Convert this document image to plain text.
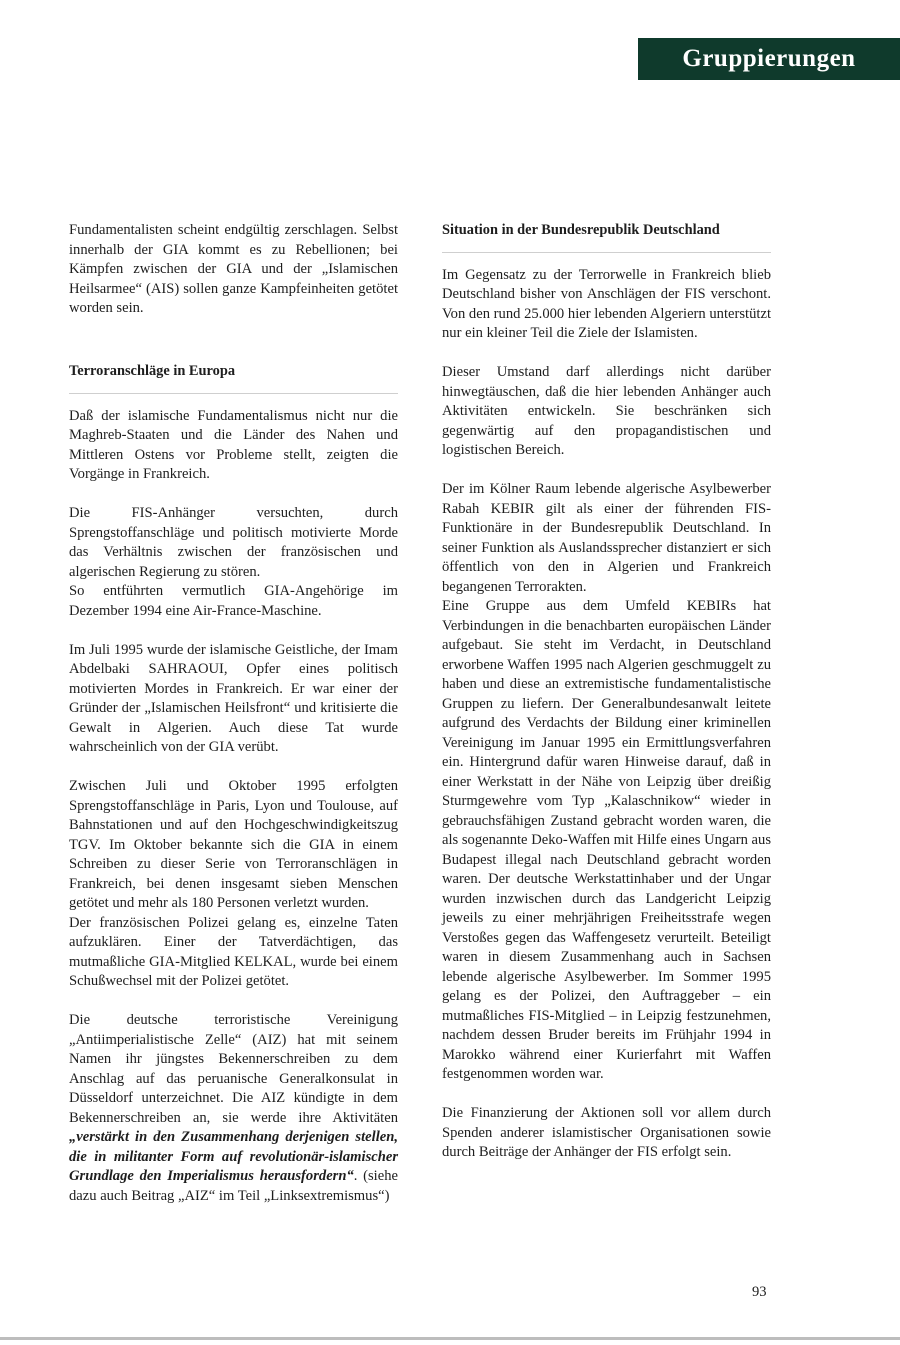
Gruppierungen

Fundamentalisten scheint endgültig zerschlagen. Selbst innerhalb der GIA kommt es zu Rebellionen; bei Kämpfen zwischen der GIA und der „Islamischen Heilsarmee“ (AIS) sollen ganze Kampfeinheiten getötet worden sein.

Terroranschläge in Europa

Daß der islamische Fundamentalismus nicht nur die Maghreb-Staaten und die Länder des Nahen und Mittleren Ostens vor Probleme stellt, zeigten die Vorgänge in Frankreich.

Die FIS-Anhänger versuchten, durch Sprengstoffanschläge und politisch motivierte Morde das Verhältnis zwischen der französischen und algerischen Regierung zu stören.

So entführten vermutlich GIA-Angehörige im Dezember 1994 eine Air-France-Maschine.

Im Juli 1995 wurde der islamische Geistliche, der Imam Abdelbaki SAHRAOUI, Opfer eines politisch motivierten Mordes in Frankreich. Er war einer der Gründer der „Islamischen Heilsfront“ und kritisierte die Gewalt in Algerien. Auch diese Tat wurde wahrscheinlich von der GIA verübt.

Zwischen Juli und Oktober 1995 erfolgten Sprengstoffanschläge in Paris, Lyon und Toulouse, auf Bahnstationen und auf den Hochgeschwindigkeitszug TGV. Im Oktober bekannte sich die GIA in einem Schreiben zu dieser Serie von Terroranschlägen in Frankreich, bei denen insgesamt sieben Menschen getötet und mehr als 180 Personen verletzt wurden.

Der französischen Polizei gelang es, einzelne Taten aufzuklären. Einer der Tatverdächtigen, das mutmaßliche GIA-Mitglied KELKAL, wurde bei einem Schußwechsel mit der Polizei getötet.

Die deutsche terroristische Vereinigung „Antiimperialistische Zelle“ (AIZ) hat mit seinem Namen ihr jüngstes Bekennerschreiben zu dem Anschlag auf das peruanische Generalkonsulat in Düsseldorf unterzeichnet. Die AIZ kündigte in dem Bekennerschreiben an, sie werde ihre Aktivitäten „verstärkt in den Zusammenhang derjenigen stellen, die in militanter Form auf revolutionär-islamischer Grundlage den Imperialismus herausfordern“. (siehe dazu auch Beitrag „AIZ“ im Teil „Linksextremismus“)

Situation in der Bundesrepublik Deutschland

Im Gegensatz zu der Terrorwelle in Frankreich blieb Deutschland bisher von Anschlägen der FIS verschont. Von den rund 25.000 hier lebenden Algeriern unterstützt nur ein kleiner Teil die Ziele der Islamisten.

Dieser Umstand darf allerdings nicht darüber hinwegtäuschen, daß die hier lebenden Anhänger auch Aktivitäten entwickeln. Sie beschränken sich gegenwärtig auf den propagandistischen und logistischen Bereich.

Der im Kölner Raum lebende algerische Asylbewerber Rabah KEBIR gilt als einer der führenden FIS-Funktionäre in der Bundesrepublik Deutschland. In seiner Funktion als Auslandssprecher distanziert er sich öffentlich von den in Algerien und Frankreich begangenen Terrorakten.

Eine Gruppe aus dem Umfeld KEBIRs hat Verbindungen in die benachbarten europäischen Länder aufgebaut. Sie steht im Verdacht, in Deutschland erworbene Waffen 1995 nach Algerien geschmuggelt zu haben und diese an extremistische fundamentalistische Gruppen zu liefern. Der Generalbundesanwalt leitete aufgrund des Verdachts der Bildung einer kriminellen Vereinigung im Januar 1995 ein Ermittlungsverfahren ein. Hintergrund dafür waren Hinweise darauf, daß in einer Werkstatt in der Nähe von Leipzig über dreißig Sturmgewehre vom Typ „Kalaschnikow“ wieder in gebrauchsfähigen Zustand gebracht worden waren, die als sogenannte Deko-Waffen mit Hilfe eines Ungarn aus Budapest illegal nach Deutschland gebracht worden waren. Der deutsche Werkstattinhaber und der Ungar wurden inzwischen durch das Landgericht Leipzig jeweils zu einer mehrjährigen Freiheitsstrafe wegen Verstoßes gegen das Waffengesetz verurteilt. Beteiligt waren in diesem Zusammenhang auch in Sachsen lebende algerische Asylbewerber. Im Sommer 1995 gelang es der Polizei, den Auftraggeber – ein mutmaßliches FIS-Mitglied – in Leipzig festzunehmen, nachdem dessen Bruder bereits im Frühjahr 1994 in Marokko während einer Kurierfahrt mit Waffen festgenommen worden war.

Die Finanzierung der Aktionen soll vor allem durch Spenden anderer islamistischer Organisationen sowie durch Beiträge der Anhänger der FIS erfolgt sein.

93
